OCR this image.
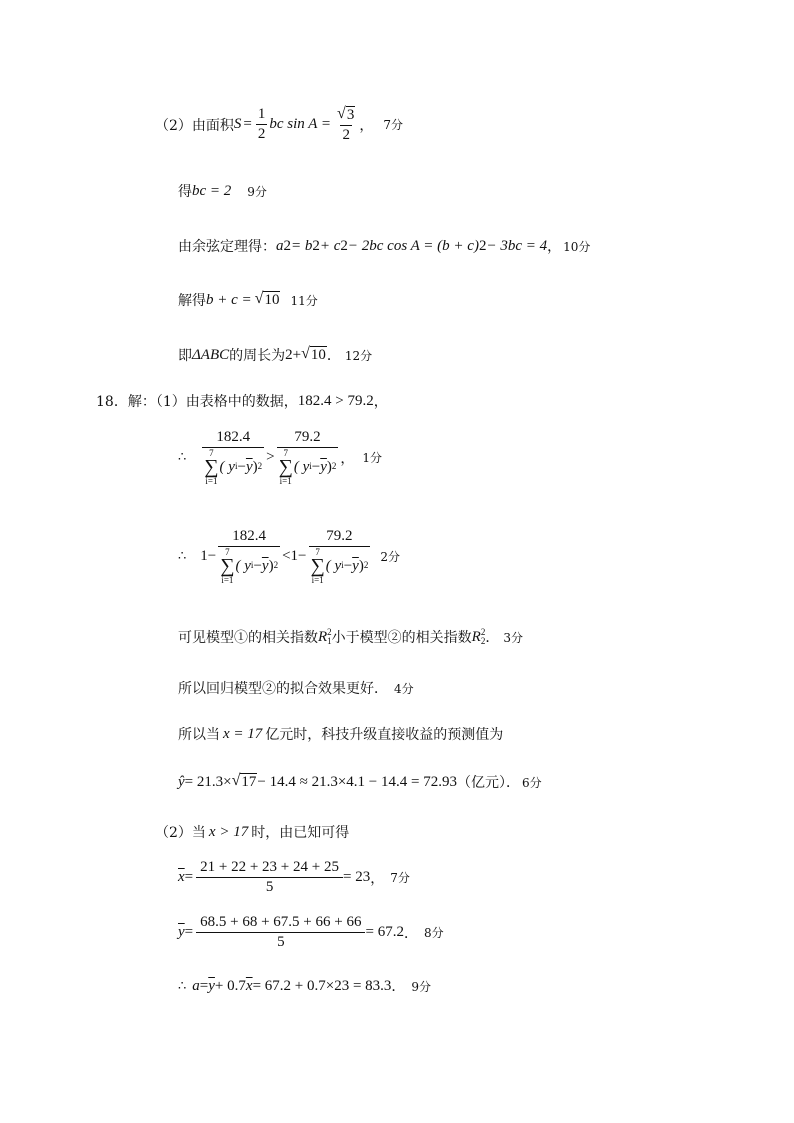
（2）由面积 $S = \frac{1}{2}$ bc $\sin A = \frac{√ 3}{2}$ ， 7分
得 bc = 2 9分
由余弦定理得： a 2 = b 2 + c 2 − 2bc cos A = (b + c) 2 − 3bc = 4 ， 10分
解得 b + c = √ 10 11分
即 ΔABC 的周长为 2+ √ 10 ． 12分
18．解：（1）由表格中的数据， 182.4 > 79.2 ，
∴ 182.4
7
∑
i=1
( y $i - \overline{y}$ ) 2 > 79.2
7
∑
i=1
( y $i - \overline{y}$ ) 2 ， 1分
∴ 1− 182.4
7
∑
i=1
( y $i - \overline{y}$ ) 2 <1− 79.2
7
∑
i=1
( y $i - \overline{y}$ ) 2 2分
可见模型①的相关指数 R 2
1 小于模型②的相关指数 R 2
2 ． 3分
所以回归模型②的拟合效果更好． 4分
所以当 x = 17 亿元时，科技升级直接收益的预测值为
ŷ = 21.3× √ 17 − 14.4 ≈ 21.3×4.1 − 14.4 = 72.93 （亿元）． 6分
（2）当 x > 17 时，由已知可得
$\overline{x} = \frac{21 + 22 + 23 + 24 + 25}{5} = 23$ ， 7分
$\overline{y} = \frac{68.5 + 68 + 67.5 + 66 + 66}{5} = 67.2$ ． 8分
∴ $a = \overline{y} + 0.7$ $\overline{x} = 67.2 + 0.7\times 23 = 83.3$ ． 9分
